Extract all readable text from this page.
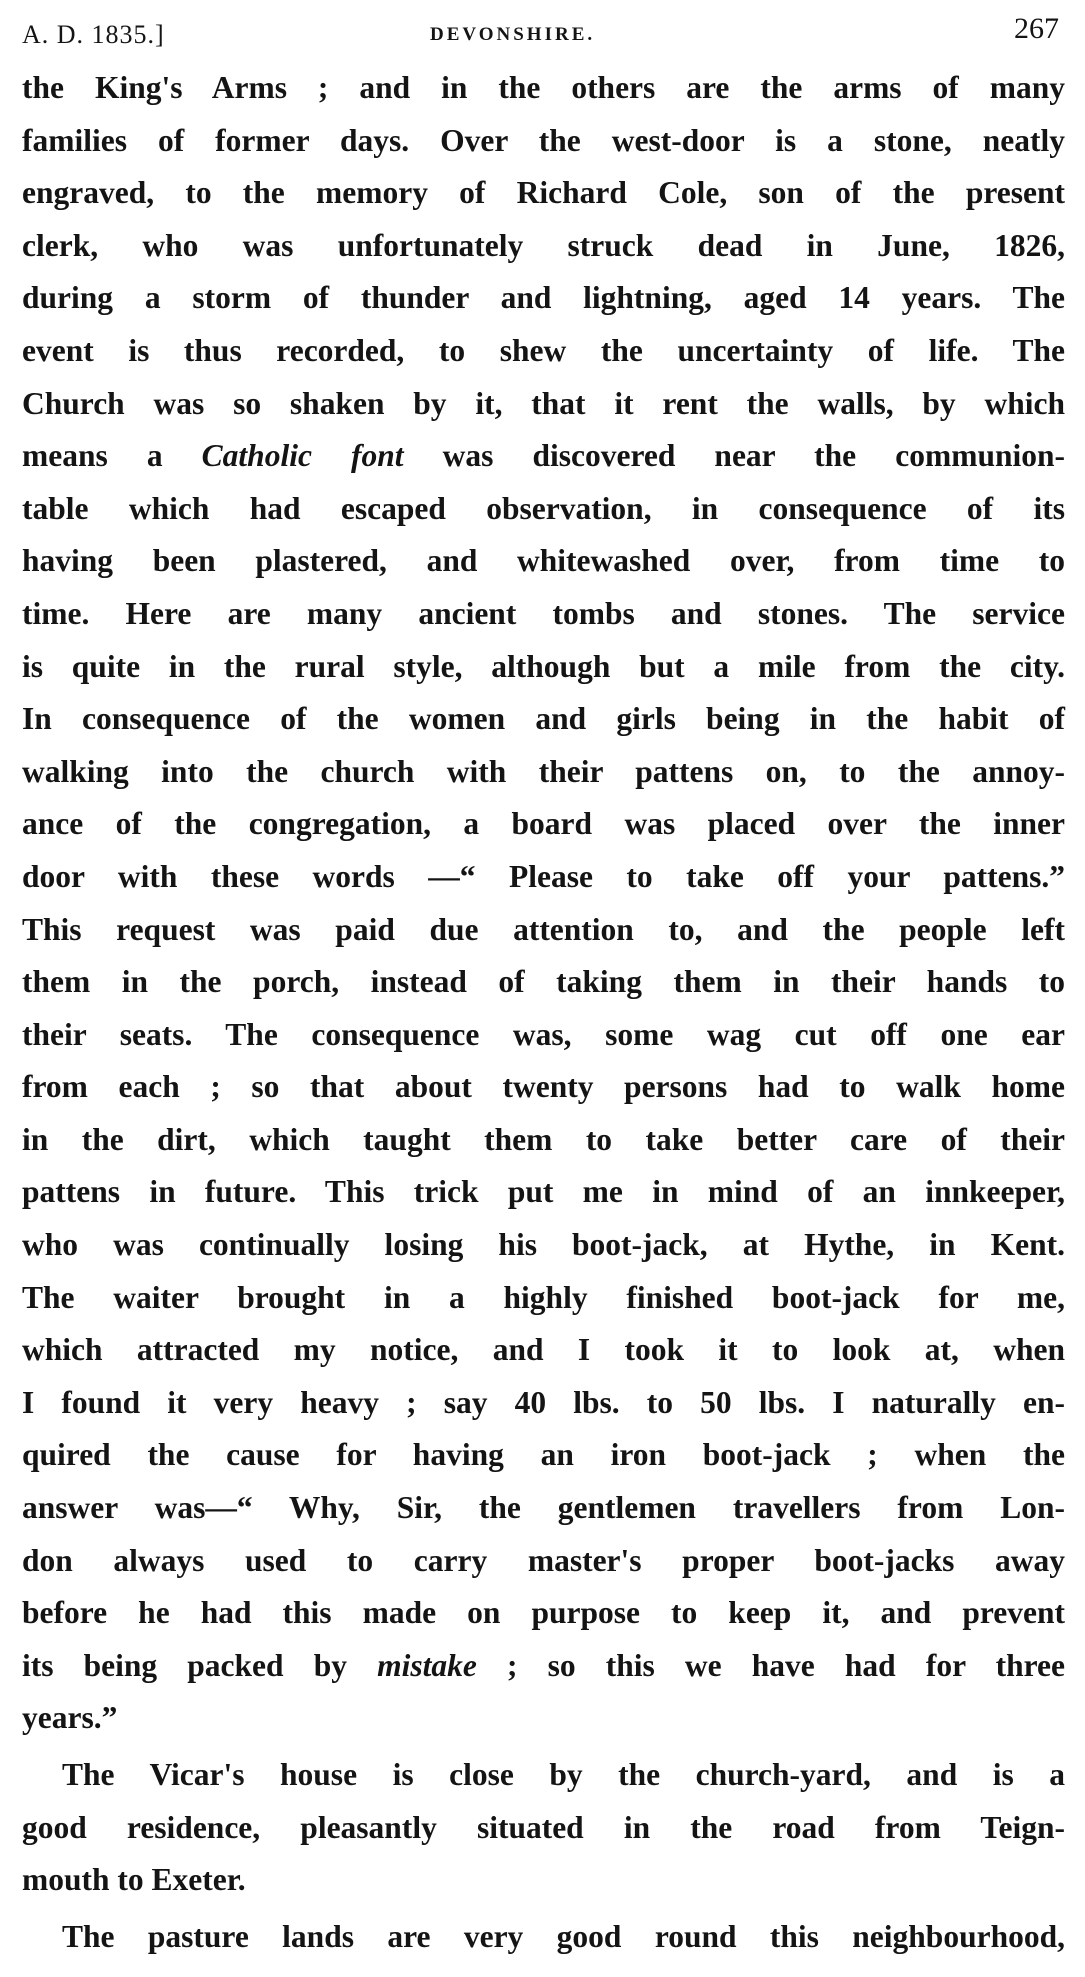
A. D. 1835.]	DEVONSHIRE.	267
the King's Arms ; and in the others are the arms of many
families of former days. Over the west-door is a stone, neatly
engraved, to the memory of Richard Cole, son of the present
clerk, who was unfortunately struck dead in June, 1826,
during a storm of thunder and lightning, aged 14 years. The
event is thus recorded, to shew the uncertainty of life. The
Church was so shaken by it, that it rent the walls, by which
means a Catholic font was discovered near the communion-
table which had escaped observation, in consequence of its
having been plastered, and whitewashed over, from time to
time. Here are many ancient tombs and stones. The service
is quite in the rural style, although but a mile from the city.
In consequence of the women and girls being in the habit of
walking into the church with their pattens on, to the annoy-
ance of the congregation, a board was placed over the inner
door with these words —“ Please to take off your pattens.”
This request was paid due attention to, and the people left
them in the porch, instead of taking them in their hands to
their seats. The consequence was, some wag cut off one ear
from each ; so that about twenty persons had to walk home
in the dirt, which taught them to take better care of their
pattens in future. This trick put me in mind of an innkeeper,
who was continually losing his boot-jack, at Hythe, in Kent.
The waiter brought in a highly finished boot-jack for me,
which attracted my notice, and I took it to look at, when
I found it very heavy ; say 40 lbs. to 50 lbs. I naturally en-
quired the cause for having an iron boot-jack ; when the
answer was—“ Why, Sir, the gentlemen travellers from Lon-
don always used to carry master's proper boot-jacks away
before he had this made on purpose to keep it, and prevent
its being packed by mistake ; so this we have had for three
years.”
The Vicar's house is close by the church-yard, and is a
good residence, pleasantly situated in the road from Teign-
mouth to Exeter.
The pasture lands are very good round this neighbourhood,
